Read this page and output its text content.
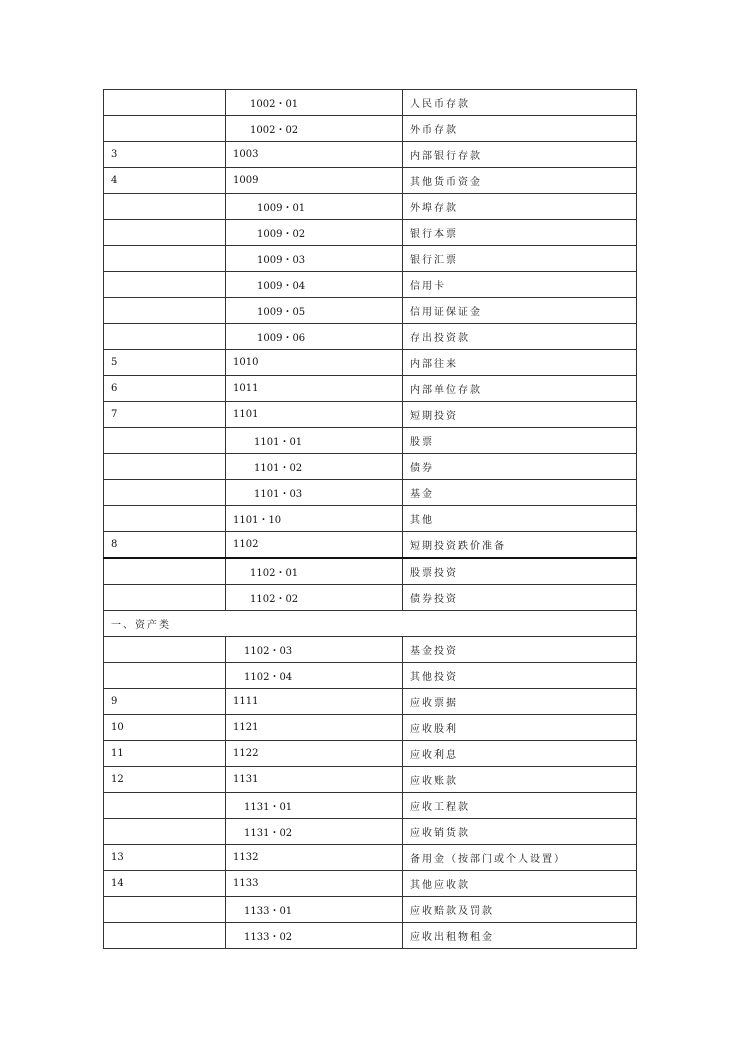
	1002・01	人民币存款
	1002・02	外币存款
3	1003	内部银行存款
4	1009	其他货币资金
	1009・01	外埠存款
	1009・02	银行本票
	1009・03	银行汇票
	1009・04	信用卡
	1009・05	信用证保证金
	1009・06	存出投资款
5	1010	内部往来
6	1011	内部单位存款
7	1101	短期投资
	1101・01	股票
	1101・02	债券
	1101・03	基金
	1101・10	其他
8	1102	短期投资跌价准备
	1102・01	股票投资
	1102・02	债券投资
一、资产类		
	1102・03	基金投资
	1102・04	其他投资
9	1111	应收票据
10	1121	应收股利
11	1122	应收利息
12	1131	应收账款
	1131・01	应收工程款
	1131・02	应收销货款
13	1132	备用金（按部门或个人设置）
14	1133	其他应收款
	1133・01	应收赔款及罚款
	1133・02	应收出租物租金
